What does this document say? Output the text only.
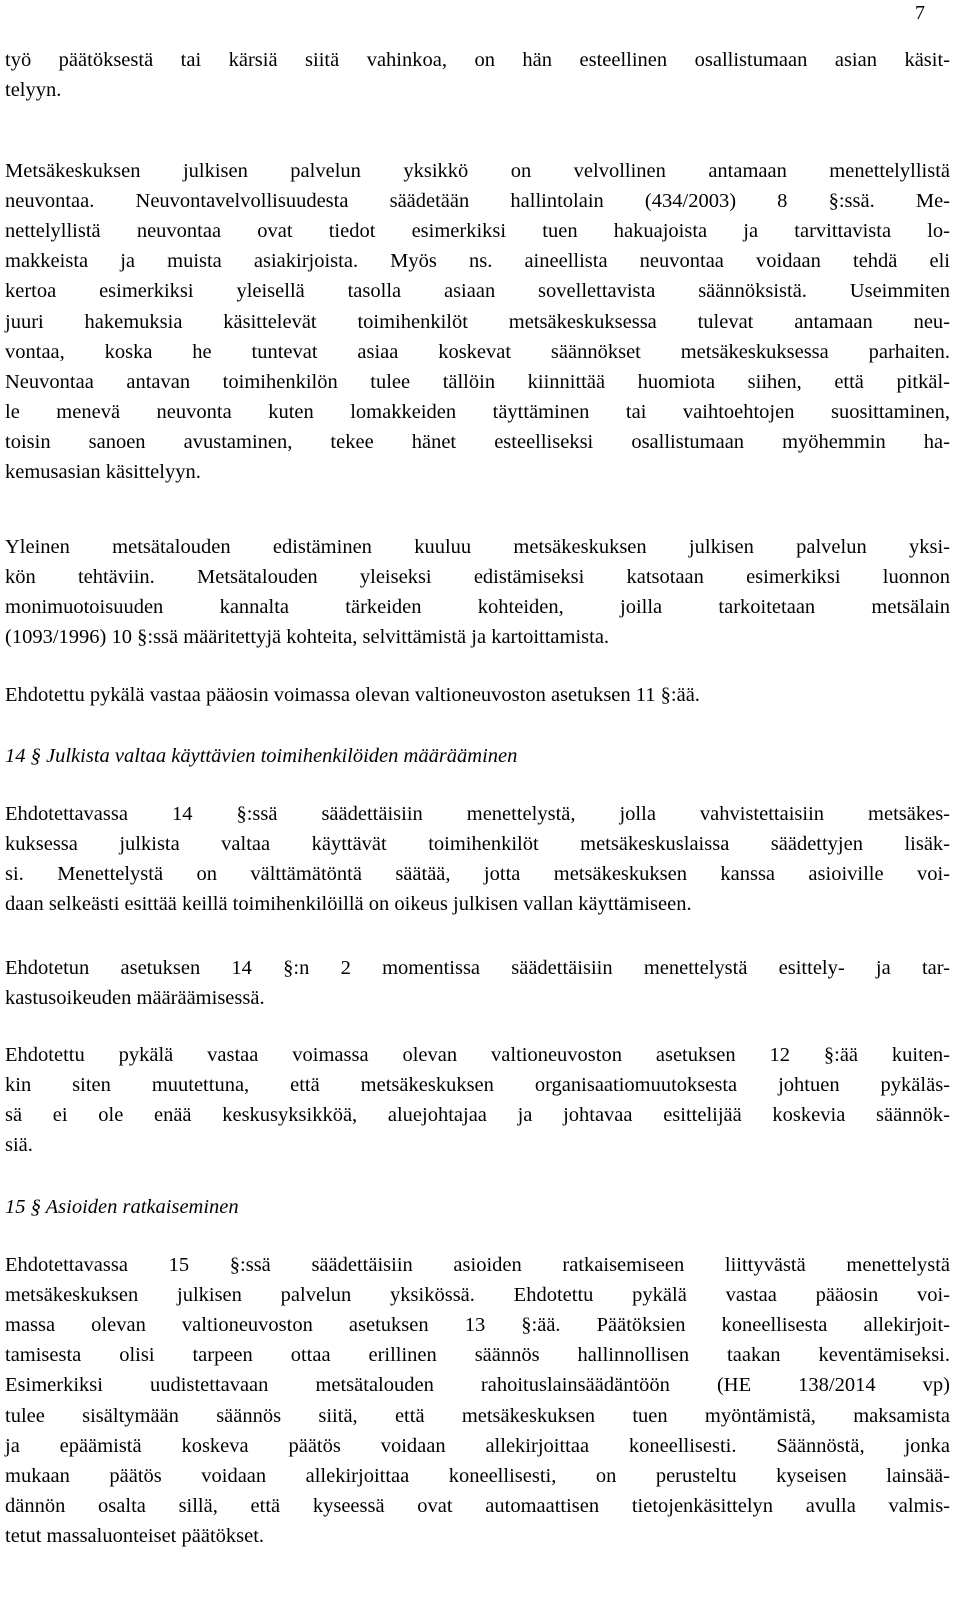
7
työ päätöksestä tai kärsiä siitä vahinkoa, on hän esteellinen osallistumaan asian käsit-
telyyn.
Metsäkeskuksen julkisen palvelun yksikkö on velvollinen antamaan menettelyllistä
neuvontaa. Neuvontavelvollisuudesta säädetään hallintolain (434/2003) 8 §:ssä. Me-
nettelyllistä neuvontaa ovat tiedot esimerkiksi tuen hakuajoista ja tarvittavista lo-
makkeista ja muista asiakirjoista. Myös ns. aineellista neuvontaa voidaan tehdä eli
kertoa esimerkiksi yleisellä tasolla asiaan sovellettavista säännöksistä. Useimmiten
juuri hakemuksia käsittelevät toimihenkilöt metsäkeskuksessa tulevat antamaan neu-
vontaa, koska he tuntevat asiaa koskevat säännökset metsäkeskuksessa parhaiten.
Neuvontaa antavan toimihenkilön tulee tällöin kiinnittää huomiota siihen, että pitkäl-
le menevä neuvonta kuten lomakkeiden täyttäminen tai vaihtoehtojen suosittaminen,
toisin sanoen avustaminen, tekee hänet esteelliseksi osallistumaan myöhemmin ha-
kemusasian käsittelyyn.
Yleinen metsätalouden edistäminen kuuluu metsäkeskuksen julkisen palvelun yksi-
kön tehtäviin. Metsätalouden yleiseksi edistämiseksi katsotaan esimerkiksi luonnon
monimuotoisuuden kannalta tärkeiden kohteiden, joilla tarkoitetaan metsälain
(1093/1996) 10 §:ssä määritettyjä kohteita, selvittämistä ja kartoittamista.
Ehdotettu pykälä vastaa pääosin voimassa olevan valtioneuvoston asetuksen 11 §:ää.
14 § Julkista valtaa käyttävien toimihenkilöiden määrääminen
Ehdotettavassa 14 §:ssä säädettäisiin menettelystä, jolla vahvistettaisiin metsäkes-
kuksessa julkista valtaa käyttävät toimihenkilöt metsäkeskuslaissa säädettyjen lisäk-
si. Menettelystä on välttämätöntä säätää, jotta metsäkeskuksen kanssa asioiville voi-
daan selkeästi esittää keillä toimihenkilöillä on oikeus julkisen vallan käyttämiseen.
Ehdotetun asetuksen 14 §:n 2 momentissa säädettäisiin menettelystä esittely- ja tar-
kastusoikeuden määräämisessä.
Ehdotettu pykälä vastaa voimassa olevan valtioneuvoston asetuksen 12 §:ää kuiten-
kin siten muutettuna, että metsäkeskuksen organisaatiomuutoksesta johtuen pykäläs-
sä ei ole enää keskusyksikköä, aluejohtajaa ja johtavaa esittelijää koskevia säännök-
siä.
15 § Asioiden ratkaiseminen
Ehdotettavassa 15 §:ssä säädettäisiin asioiden ratkaisemiseen liittyvästä menettelystä
metsäkeskuksen julkisen palvelun yksikössä. Ehdotettu pykälä vastaa pääosin voi-
massa olevan valtioneuvoston asetuksen 13 §:ää. Päätöksien koneellisesta allekirjoit-
tamisesta olisi tarpeen ottaa erillinen säännös hallinnollisen taakan keventämiseksi.
Esimerkiksi uudistettavaan metsätalouden rahoituslainsäädäntöön (HE 138/2014 vp)
tulee sisältymään säännös siitä, että metsäkeskuksen tuen myöntämistä, maksamista
ja epäämistä koskeva päätös voidaan allekirjoittaa koneellisesti. Säännöstä, jonka
mukaan päätös voidaan allekirjoittaa koneellisesti, on perusteltu kyseisen lainsää-
dännön osalta sillä, että kyseessä ovat automaattisen tietojenkäsittelyn avulla valmis-
tetut massaluonteiset päätökset.
